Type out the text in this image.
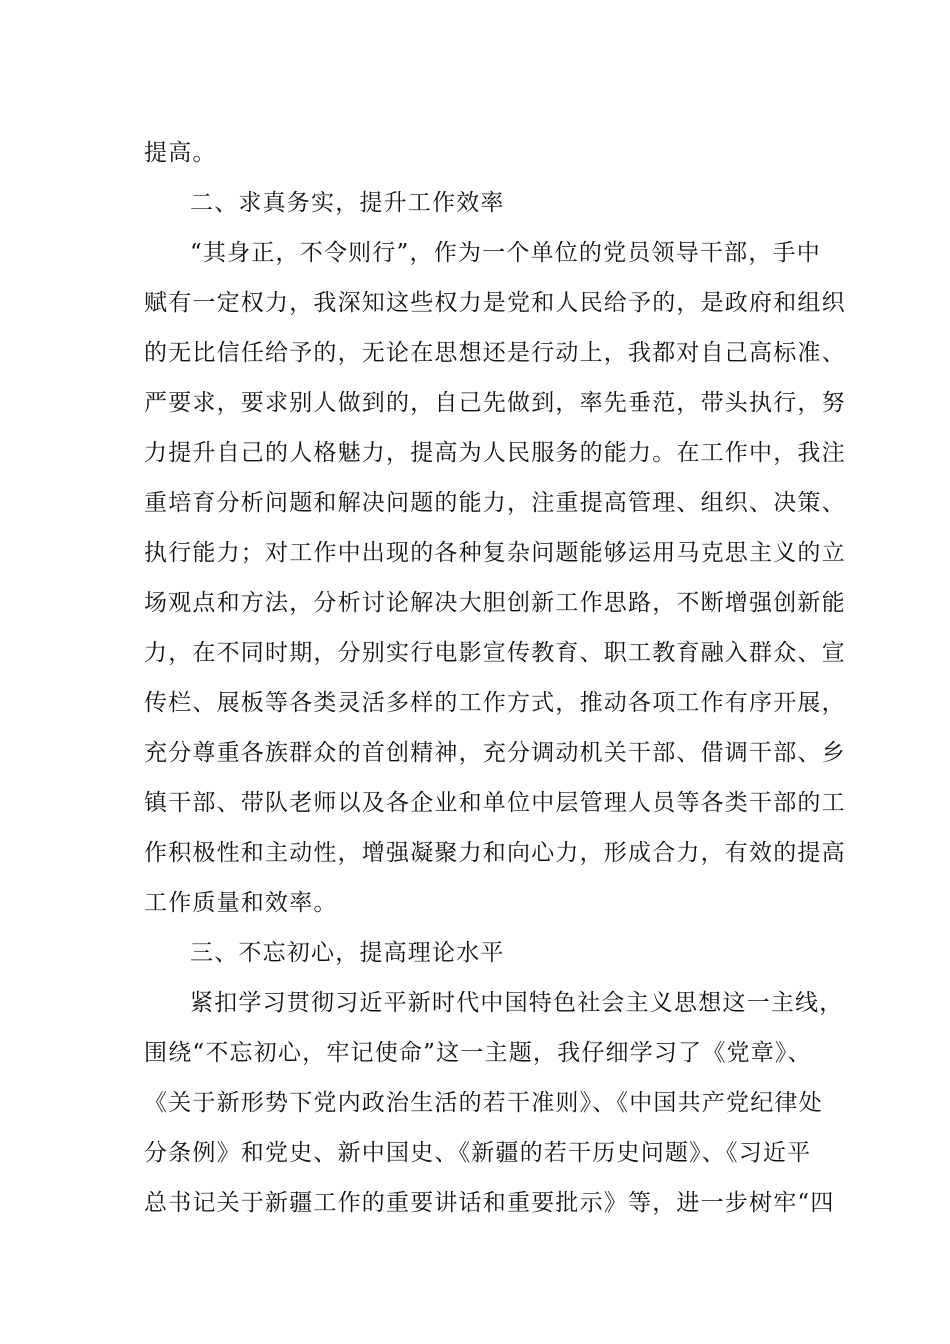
提高。
二、求真务实，提升工作效率
“其身正，不令则行”，作为一个单位的党员领导干部，手中
赋有一定权力，我深知这些权力是党和人民给予的，是政府和组织
的无比信任给予的，无论在思想还是行动上，我都对自己高标准、
严要求，要求别人做到的，自己先做到，率先垂范，带头执行，努
力提升自己的人格魅力，提高为人民服务的能力。在工作中，我注
重培育分析问题和解决问题的能力，注重提高管理、组织、决策、
执行能力；对工作中出现的各种复杂问题能够运用马克思主义的立
场观点和方法，分析讨论解决大胆创新工作思路，不断增强创新能
力，在不同时期，分别实行电影宣传教育、职工教育融入群众、宣
传栏、展板等各类灵活多样的工作方式，推动各项工作有序开展，
充分尊重各族群众的首创精神，充分调动机关干部、借调干部、乡
镇干部、带队老师以及各企业和单位中层管理人员等各类干部的工
作积极性和主动性，增强凝聚力和向心力，形成合力，有效的提高
工作质量和效率。
三、不忘初心，提高理论水平
紧扣学习贯彻习近平新时代中国特色社会主义思想这一主线，
围绕“不忘初心，牢记使命”这一主题，我仔细学习了《党章》、
《关于新形势下党内政治生活的若干准则》、《中国共产党纪律处
分条例》和党史、新中国史、《新疆的若干历史问题》、《习近平
总书记关于新疆工作的重要讲话和重要批示》等，进一步树牢“四
